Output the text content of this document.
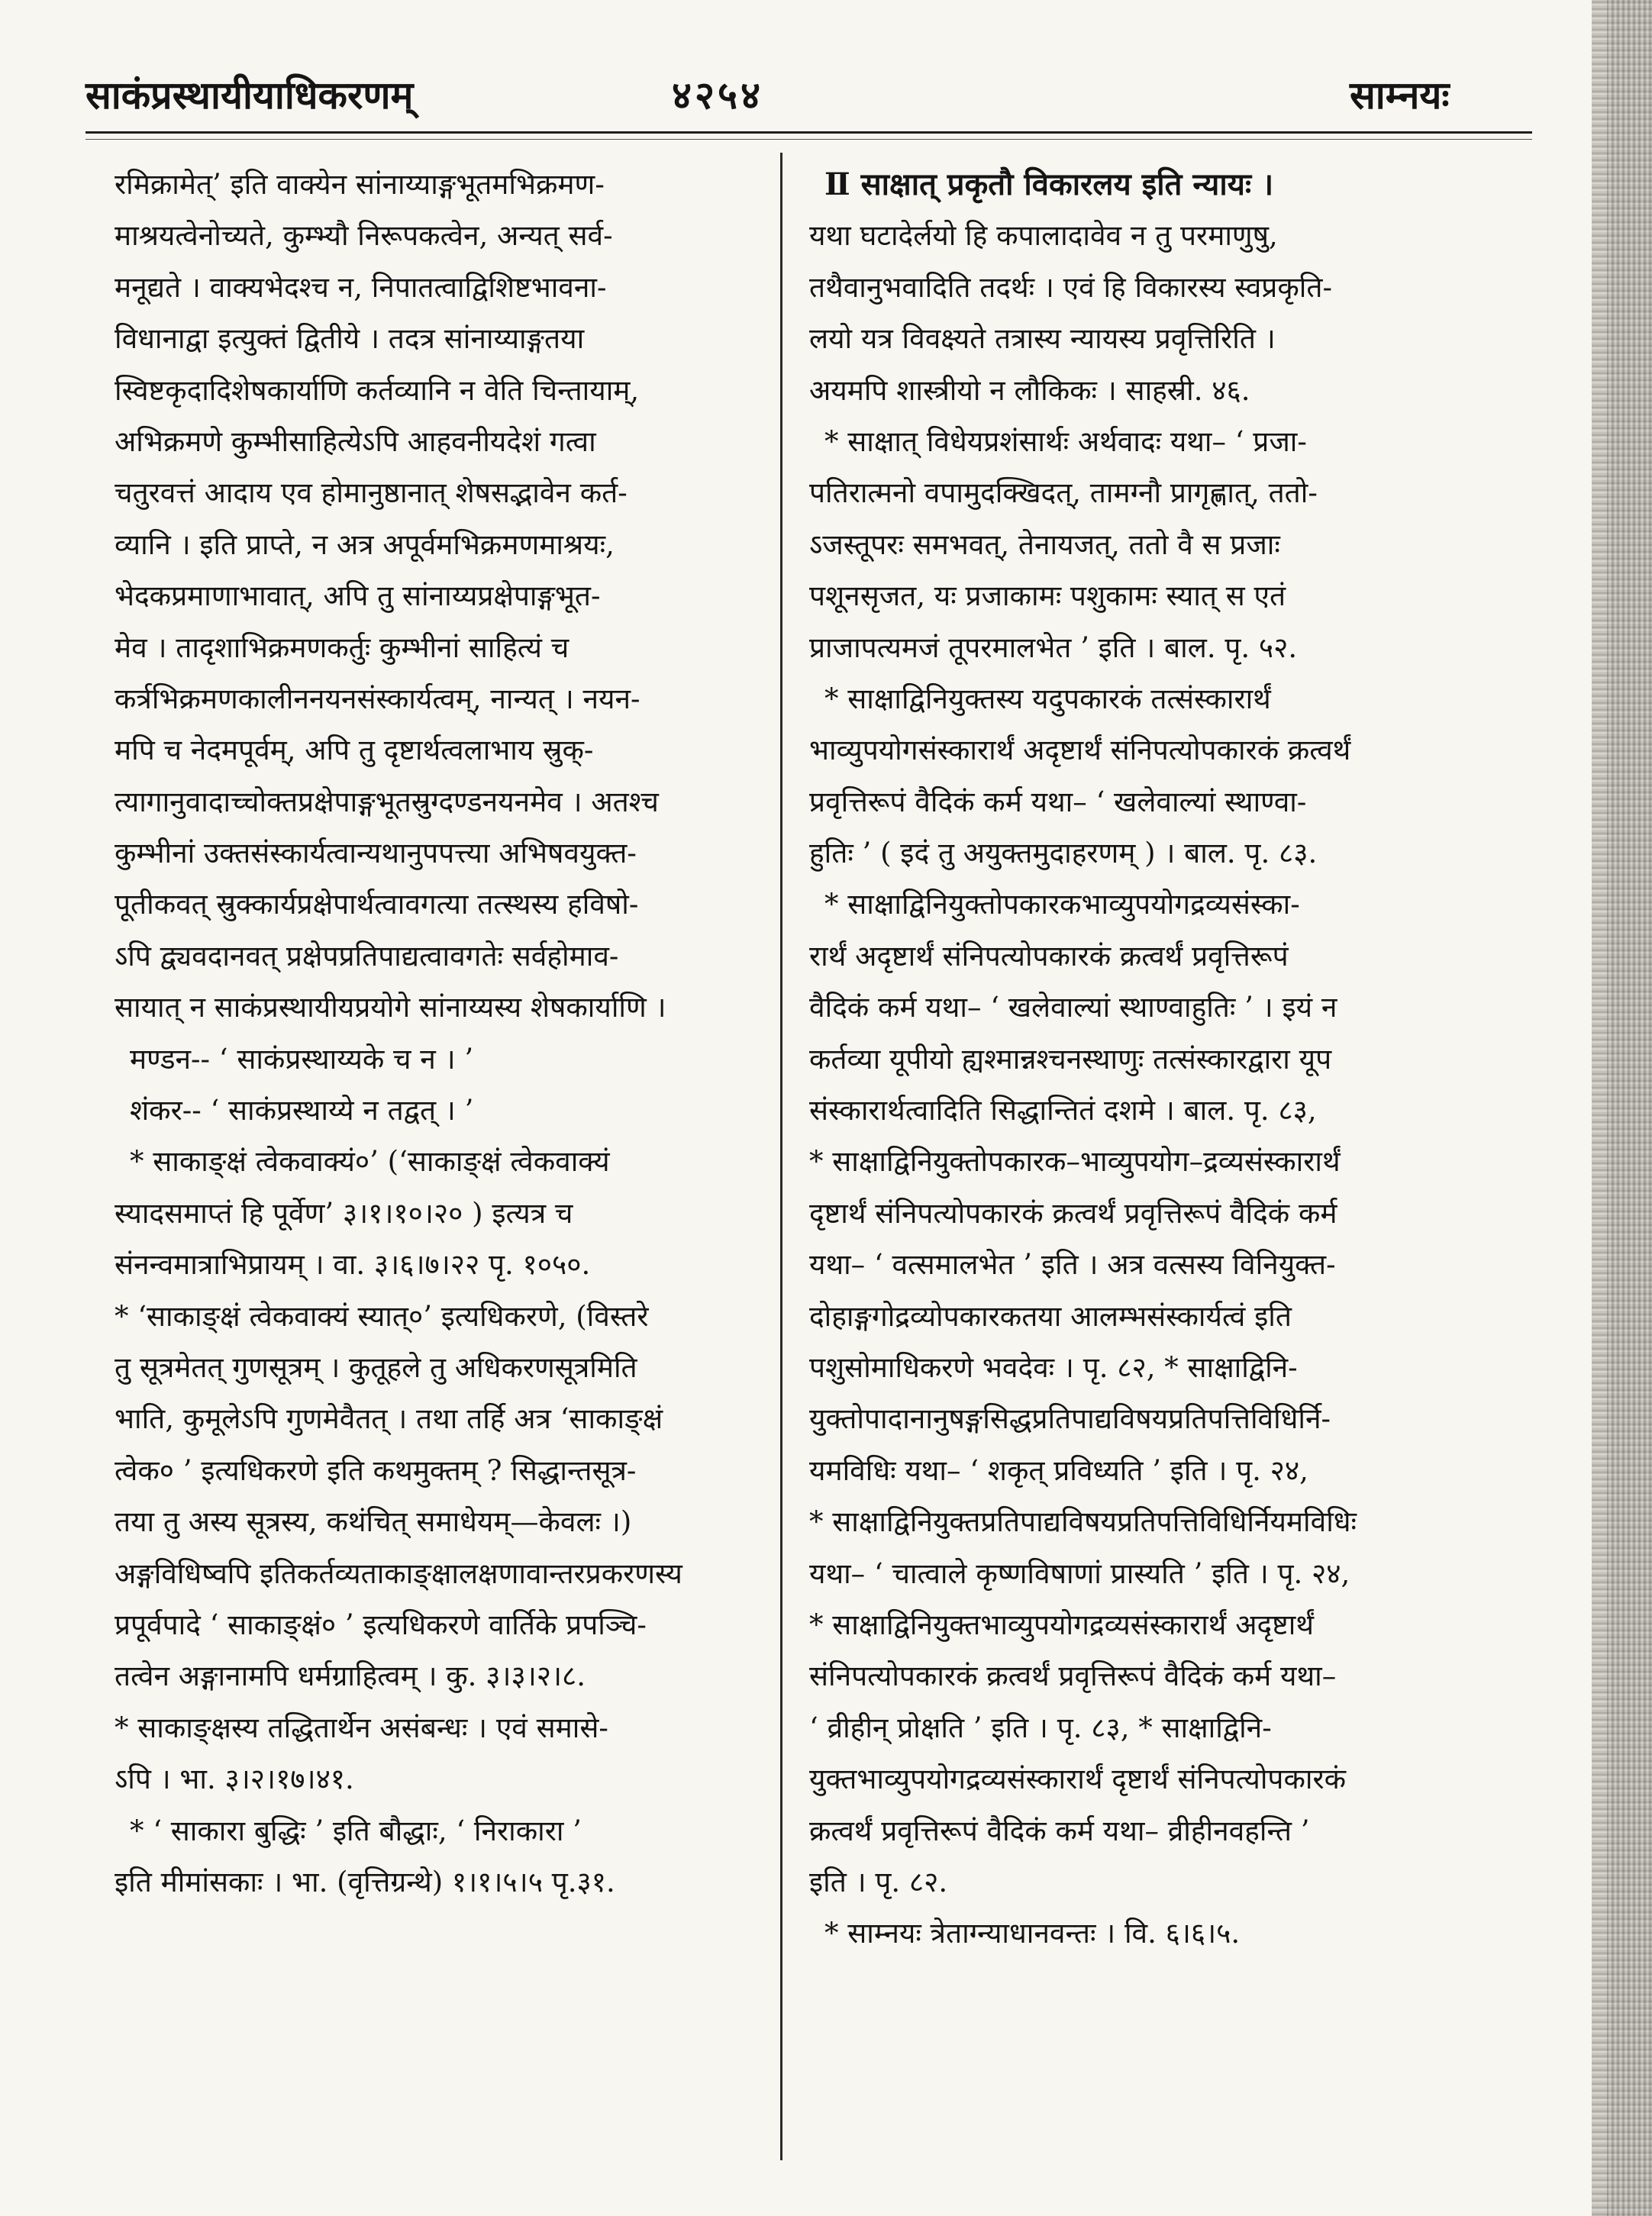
साकंप्रस्थायीयाधिकरणम्	४२५४	साम्नयः
रमिक्रामेत्’ इति वाक्येन सांनाय्याङ्गभूतमभिक्रमण-
माश्रयत्वेनोच्यते, कुम्भ्यौ निरूपकत्वेन, अन्यत् सर्व-
मनूद्यते । वाक्यभेदश्च न, निपातत्वाद्विशिष्टभावना-
विधानाद्वा इत्युक्तं द्वितीये । तदत्र सांनाय्याङ्गतया
स्विष्टकृदादिशेषकार्याणि कर्तव्यानि न वेति चिन्तायाम्,
अभिक्रमणे कुम्भीसाहित्येऽपि आहवनीयदेशं गत्वा
चतुरवत्तं आदाय एव होमानुष्ठानात् शेषसद्भावेन कर्त-
व्यानि । इति प्राप्ते, न अत्र अपूर्वमभिक्रमणमाश्रयः,
भेदकप्रमाणाभावात्, अपि तु सांनाय्यप्रक्षेपाङ्गभूत-
मेव । तादृशाभिक्रमणकर्तुः कुम्भीनां साहित्यं च
कर्त्रभिक्रमणकालीननयनसंस्कार्यत्वम्, नान्यत् । नयन-
मपि च नेदमपूर्वम्, अपि तु दृष्टार्थत्वलाभाय स्रुक्-
त्यागानुवादाच्चोक्तप्रक्षेपाङ्गभूतस्रुग्दण्डनयनमेव । अतश्च
कुम्भीनां उक्तसंस्कार्यत्वान्यथानुपपत्त्या अभिषवयुक्त-
पूतीकवत् स्रुक्कार्यप्रक्षेपार्थत्वावगत्या तत्स्थस्य हविषो-
ऽपि द्व्यवदानवत् प्रक्षेपप्रतिपाद्यत्वावगतेः सर्वहोमाव-
सायात् न साकंप्रस्थायीयप्रयोगे सांनाय्यस्य शेषकार्याणि ।
मण्डन-- ‘ साकंप्रस्थाय्यके च न । ’
शंकर-- ‘ साकंप्रस्थाय्ये न तद्वत् । ’
* साकाङ्क्षं त्वेकवाक्यं०’ (‘साकाङ्क्षं त्वेकवाक्यं
स्यादसमाप्तं हि पूर्वेण’ ३।१।१०।२० ) इत्यत्र च
संनन्वमात्राभिप्रायम् । वा. ३।६।७।२२ पृ. १०५०.
* ‘साकाङ्क्षं त्वेकवाक्यं स्यात्०’ इत्यधिकरणे, (विस्तरे
तु सूत्रमेतत् गुणसूत्रम् । कुतूहले तु अधिकरणसूत्रमिति
भाति, कुमूलेऽपि गुणमेवैतत् । तथा तर्हि अत्र ‘साकाङ्क्षं
त्वेक० ’ इत्यधिकरणे इति कथमुक्तम् ? सिद्धान्तसूत्र-
तया तु अस्य सूत्रस्य, कथंचित् समाधेयम्—केवलः ।)
अङ्गविधिष्वपि इतिकर्तव्यताकाङ्क्षालक्षणावान्तरप्रकरणस्य
प्रपूर्वपादे ‘ साकाङ्क्षं० ’ इत्यधिकरणे वार्तिके प्रपञ्चि-
तत्वेन अङ्गानामपि धर्मग्राहित्वम् । कु. ३।३।२।८.
* साकाङ्क्षस्य तद्धितार्थेन असंबन्धः । एवं समासे-
ऽपि । भा. ३।२।१७।४१.
* ‘ साकारा बुद्धिः ’ इति बौद्धाः, ‘ निराकारा ’
इति मीमांसकाः । भा. (वृत्तिग्रन्थे) १।१।५।५ पृ.३१.
Ⅱ साक्षात् प्रकृतौ विकारलय इति न्यायः ।
यथा घटादेर्लयो हि कपालादावेव न तु परमाणुषु,
तथैवानुभवादिति तदर्थः । एवं हि विकारस्य स्वप्रकृति-
लयो यत्र विवक्ष्यते तत्रास्य न्यायस्य प्रवृत्तिरिति ।
अयमपि शास्त्रीयो न लौकिकः । साहस्री. ४६.
* साक्षात् विधेयप्रशंसार्थः अर्थवादः यथा– ‘ प्रजा-
पतिरात्मनो वपामुदक्खिदत्, तामग्नौ प्रागृह्णात्, ततो-
ऽजस्तूपरः समभवत्, तेनायजत्, ततो वै स प्रजाः
पशूनसृजत, यः प्रजाकामः पशुकामः स्यात् स एतं
प्राजापत्यमजं तूपरमालभेत ’ इति । बाल. पृ. ५२.
* साक्षाद्विनियुक्तस्य यदुपकारकं तत्संस्कारार्थं
भाव्युपयोगसंस्कारार्थं अदृष्टार्थं संनिपत्योपकारकं क्रत्वर्थं
प्रवृत्तिरूपं वैदिकं कर्म यथा– ‘ खलेवाल्यां स्थाण्वा-
हुतिः ’ ( इदं तु अयुक्तमुदाहरणम् ) । बाल. पृ. ८३.
* साक्षाद्विनियुक्तोपकारकभाव्युपयोगद्रव्यसंस्का-
रार्थं अदृष्टार्थं संनिपत्योपकारकं क्रत्वर्थं प्रवृत्तिरूपं
वैदिकं कर्म यथा– ‘ खलेवाल्यां स्थाण्वाहुतिः ’ । इयं न
कर्तव्या यूपीयो ह्यश्मान्नश्चनस्थाणुः तत्संस्कारद्वारा यूप
संस्कारार्थत्वादिति सिद्धान्तितं दशमे । बाल. पृ. ८३,
* साक्षाद्विनियुक्तोपकारक–भाव्युपयोग–द्रव्यसंस्कारार्थं
दृष्टार्थं संनिपत्योपकारकं क्रत्वर्थं प्रवृत्तिरूपं वैदिकं कर्म
यथा– ‘ वत्समालभेत ’ इति । अत्र वत्सस्य विनियुक्त-
दोहाङ्गगोद्रव्योपकारकतया आलम्भसंस्कार्यत्वं इति
पशुसोमाधिकरणे भवदेवः । पृ. ८२, * साक्षाद्विनि-
युक्तोपादानानुषङ्गसिद्धप्रतिपाद्यविषयप्रतिपत्तिविधिर्नि-
यमविधिः यथा– ‘ शकृत् प्रविध्यति ’ इति । पृ. २४,
* साक्षाद्विनियुक्तप्रतिपाद्यविषयप्रतिपत्तिविधिर्नियमविधिः
यथा– ‘ चात्वाले कृष्णविषाणां प्रास्यति ’ इति । पृ. २४,
* साक्षाद्विनियुक्तभाव्युपयोगद्रव्यसंस्कारार्थं अदृष्टार्थं
संनिपत्योपकारकं क्रत्वर्थं प्रवृत्तिरूपं वैदिकं कर्म यथा–
‘ व्रीहीन् प्रोक्षति ’ इति । पृ. ८३, * साक्षाद्विनि-
युक्तभाव्युपयोगद्रव्यसंस्कारार्थं दृष्टार्थं संनिपत्योपकारकं
क्रत्वर्थं प्रवृत्तिरूपं वैदिकं कर्म यथा– व्रीहीनवहन्ति ’
इति । पृ. ८२.
* साम्नयः त्रेताग्न्याधानवन्तः । वि. ६।६।५.
